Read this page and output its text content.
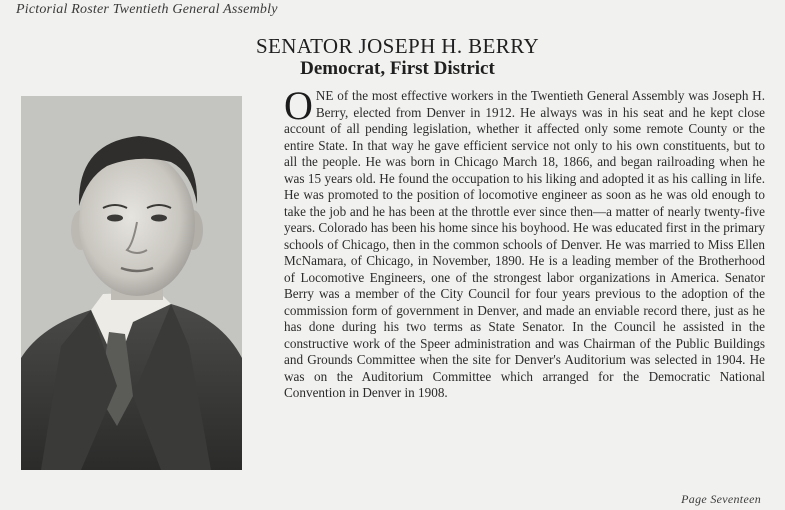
Pictorial Roster Twentieth General Assembly
SENATOR JOSEPH H. BERRY
Democrat, First District
ONE of the most effective workers in the Twentieth General Assembly was Joseph H. Berry, elected from Denver in 1912. He always was in his seat and he kept close account of all pending legislation, whether it affected only some remote County or the entire State. In that way he gave efficient service not only to his own constituents, but to all the people. He was born in Chicago March 18, 1866, and began railroading when he was 15 years old. He found the occupation to his liking and adopted it as his calling in life. He was promoted to the position of locomotive engineer as soon as he was old enough to take the job and he has been at the throttle ever since then—a matter of nearly twenty-five years. Colorado has been his home since his boyhood. He was educated first in the primary schools of Chicago, then in the common schools of Denver. He was married to Miss Ellen McNamara, of Chicago, in November, 1890. He is a leading member of the Brotherhood of Locomotive Engineers, one of the strongest labor organizations in America. Senator Berry was a member of the City Council for four years previous to the adoption of the commission form of government in Denver, and made an enviable record there, just as he has done during his two terms as State Senator. In the Council he assisted in the constructive work of the Speer administration and was Chairman of the Public Buildings and Grounds Committee when the site for Denver's Auditorium was selected in 1904. He was on the Auditorium Committee which arranged for the Democratic National Convention in Denver in 1908.
Page Seventeen
